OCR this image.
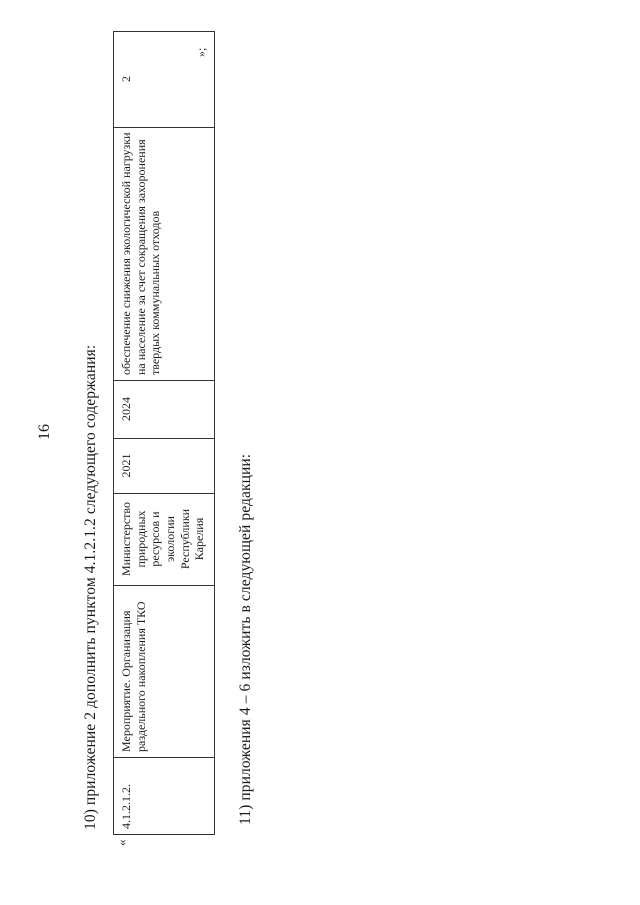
16 10) приложение 2 дополнить пунктом 4.1.2.1.2 следующего содержания:
«
4.1.2.1.2.	Мероприятие. Организация раздельного накопления ТКО	Министерство природных ресурсов и экологии Республики Карелия	2021	2024	обеспечение снижения экологической нагрузки на население за счет сокращения захоронения твердых коммунальных отходов	2
»;
11) приложения 4 – 6 изложить в следующей редакции:
